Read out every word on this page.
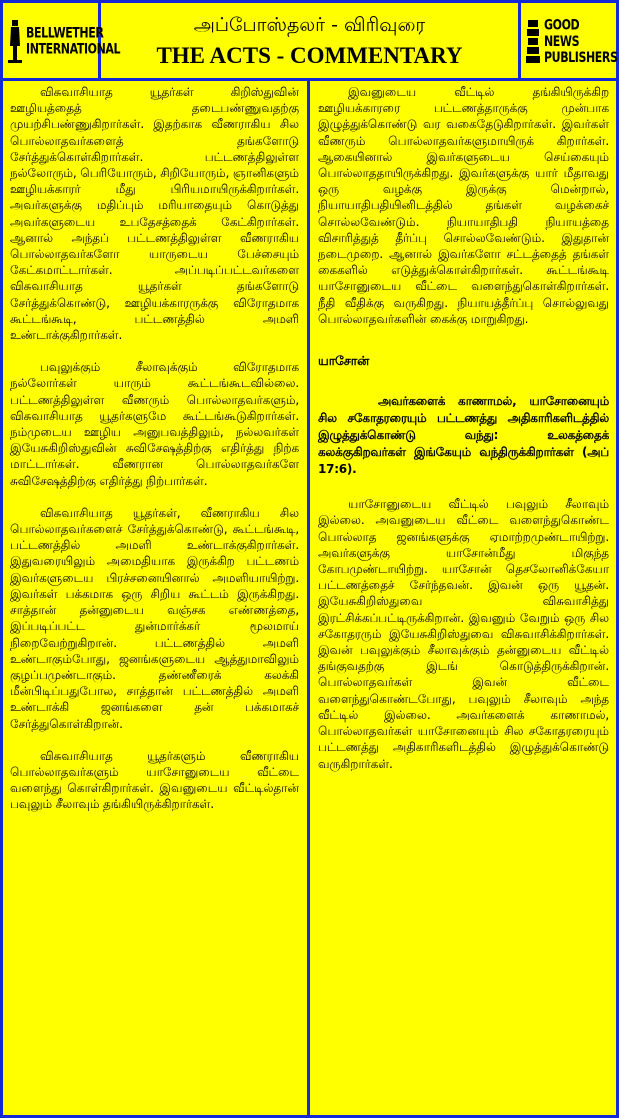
BELLWETHER
INTERNATIONAL
அப்போஸ்தலர் - விரிவுரை
THE ACTS - COMMENTARY
GOOD NEWS
PUBLISHERS

விசுவாசியாத யூதர்கள் கிறிஸ்துவின் ஊழியத்தைத் தடைபண்ணுவதற்கு முயற்சிபண்ணுகிறார்கள். இதற்காக வீணராகிய சில பொல்லாதவர்களைத் தங்களோடு சேர்த்துக்கொள்கிறார்கள். பட்டணத்திலுள்ள நல்லோரும், பெரியோரும், சிறியோரும், ஞானிகளும் ஊழியக்காரர் மீது பிரியமாயிருக்கிறார்கள். அவர்களுக்கு மதிப்பும் மரியாதையும் கொடுத்து அவர்களுடைய உபதேசத்தைக் கேட்கிறார்கள். ஆனால் அந்தப் பட்டணத்திலுள்ள வீணராகிய பொல்லாதவர்களோ யாருடைய பேச்சையும் கேட்கமாட்டார்கள். அப்படிப்பட்டவர்களை விசுவாசியாத யூதர்கள் தங்களோடு சேர்த்துக்கொண்டு, ஊழியக்காரருக்கு விரோதமாக கூட்டங்கூடி, பட்டணத்தில் அமளி உண்டாக்குகிறார்கள்.

பவுலுக்கும் சீலாவுக்கும் விரோதமாக நல்லோர்கள் யாரும் கூட்டங்கூடவில்லை. பட்டணத்திலுள்ள வீணரும் பொல்லாதவர்களும், விசுவாசியாத யூதர்களுமே கூட்டங்கூடுகிறார்கள். நம்முடைய ஊழிய அனுபவத்திலும், நல்லவர்கள் இயேசுகிறிஸ்துவின் சுவிசேஷத்திற்கு எதிர்த்து நிற்க மாட்டார்கள். வீணரான பொல்லாதவர்களே சுவிசேஷத்திற்கு எதிர்த்து நிற்பார்கள்.

விசுவாசியாத யூதர்கள், வீணராகிய சில பொல்லாதவர்களைச் சேர்த்துக்கொண்டு, கூட்டங்கூடி, பட்டணத்தில் அமளி உண்டாக்குகிறார்கள். இதுவரையிலும் அமைதியாக இருக்கிற பட்டணம் இவர்களுடைய பிரச்சனையினால் அமளியாயிற்று. இவர்கள் பக்கமாக ஒரு சிறிய கூட்டம் இருக்கிறது. சாத்தான் தன்னுடைய வஞ்சக எண்ணத்தை, இப்படிப்பட்ட துன்மார்க்கர் மூலமாய் நிறைவேற்றுகிறான். பட்டணத்தில் அமளி உண்டாகும்போது, ஜனங்களுடைய ஆத்துமாவிலும் குழப்பமுண்டாகும். தண்ணீரைக் கலக்கி மீன்பிடிப்பதுபோல, சாத்தான் பட்டணத்தில் அமளி உண்டாக்கி ஜனங்களை தன் பக்கமாகச் சேர்த்துகொள்கிறான்.

விசுவாசியாத யூதர்களும் வீணராகிய பொல்லாதவர்களும் யாசோனுடைய வீட்டை வளைந்து கொள்கிறார்கள். இவனுடைய வீட்டில்தான் பவுலும் சீலாவும் தங்கியிருக்கிறார்கள்.

இவனுடைய வீட்டில் தங்கியிருக்கிற ஊழியக்காரரை பட்டணத்தாருக்கு முன்பாக இழுத்துக்கொண்டு வர வகைதேடுகிறார்கள். இவர்கள் வீணரும் பொல்லாதவர்களுமாயிருக் கிறார்கள். ஆகையினால் இவர்களுடைய செய்கையும் பொல்லாததாயிருக்கிறது. இவர்களுக்கு யார் மீதாவது ஒரு வழக்கு இருக்கு மென்றால், நியாயாதிபதியினிடத்தில் தங்கள் வழக்கைச் சொல்லவேண்டும். நியாயாதிபதி நியாயத்தை விசாரித்துத் தீர்ப்பு சொல்லவேண்டும். இதுதான் நடைமுறை. ஆனால் இவர்களோ சட்டத்தைத் தங்கள் கைகளில் எடுத்துக்கொள்கிறார்கள். கூட்டங்கூடி யாசோனுடைய வீட்டை வளைந்துகொள்கிறார்கள். நீதி வீதிக்கு வருகிறது. நியாயத்தீர்ப்பு சொல்லுவது பொல்லாதவர்களின் கைக்கு மாறுகிறது.

யாசோன்
அவர்களைக் காணாமல், யாசோனையும் சில சகோதரரையும் பட்டணத்து அதிகாரிகளிடத்தில் இழுத்துக்கொண்டு வந்து: உலகத்தைக் கலக்குகிறவர்கள் இங்கேயும் வந்திருக்கிறார்கள் (அப் 17:6).

யாசோனுடைய வீட்டில் பவுலும் சீலாவும் இல்லை. அவனுடைய வீட்டை வளைந்துகொண்ட பொல்லாத ஜனங்களுக்கு ஏமாற்றமுண்டாயிற்று. அவர்களுக்கு யாசோன்மீது மிகுந்த கோபமுண்டாயிற்று. யாசோன் தெசலோனிக்கேயா பட்டணத்தைச் சேர்ந்தவன். இவன் ஒரு யூதன். இயேசுகிறிஸ்துவை விசுவாசித்து இரட்சிக்கப்பட்டிருக்கிறான். இவனும் வேறும் ஒரு சில சகோதரரும் இயேசுகிறிஸ்துவை விசுவாசிக்கிறார்கள். இவன் பவுலுக்கும் சீலாவுக்கும் தன்னுடைய வீட்டில் தங்குவதற்கு இடங் கொடுத்திருக்கிறான். பொல்லாதவர்கள் இவன் வீட்டை வளைந்துகொண்டபோது, பவுலும் சீலாவும் அந்த வீட்டில் இல்லை. அவர்களைக் காணாமல், பொல்லாதவர்கள் யாசோனையும் சில சகோதரரையும் பட்டணத்து அதிகாரிகளிடத்தில் இழுத்துக்கொண்டு வருகிறார்கள்.
